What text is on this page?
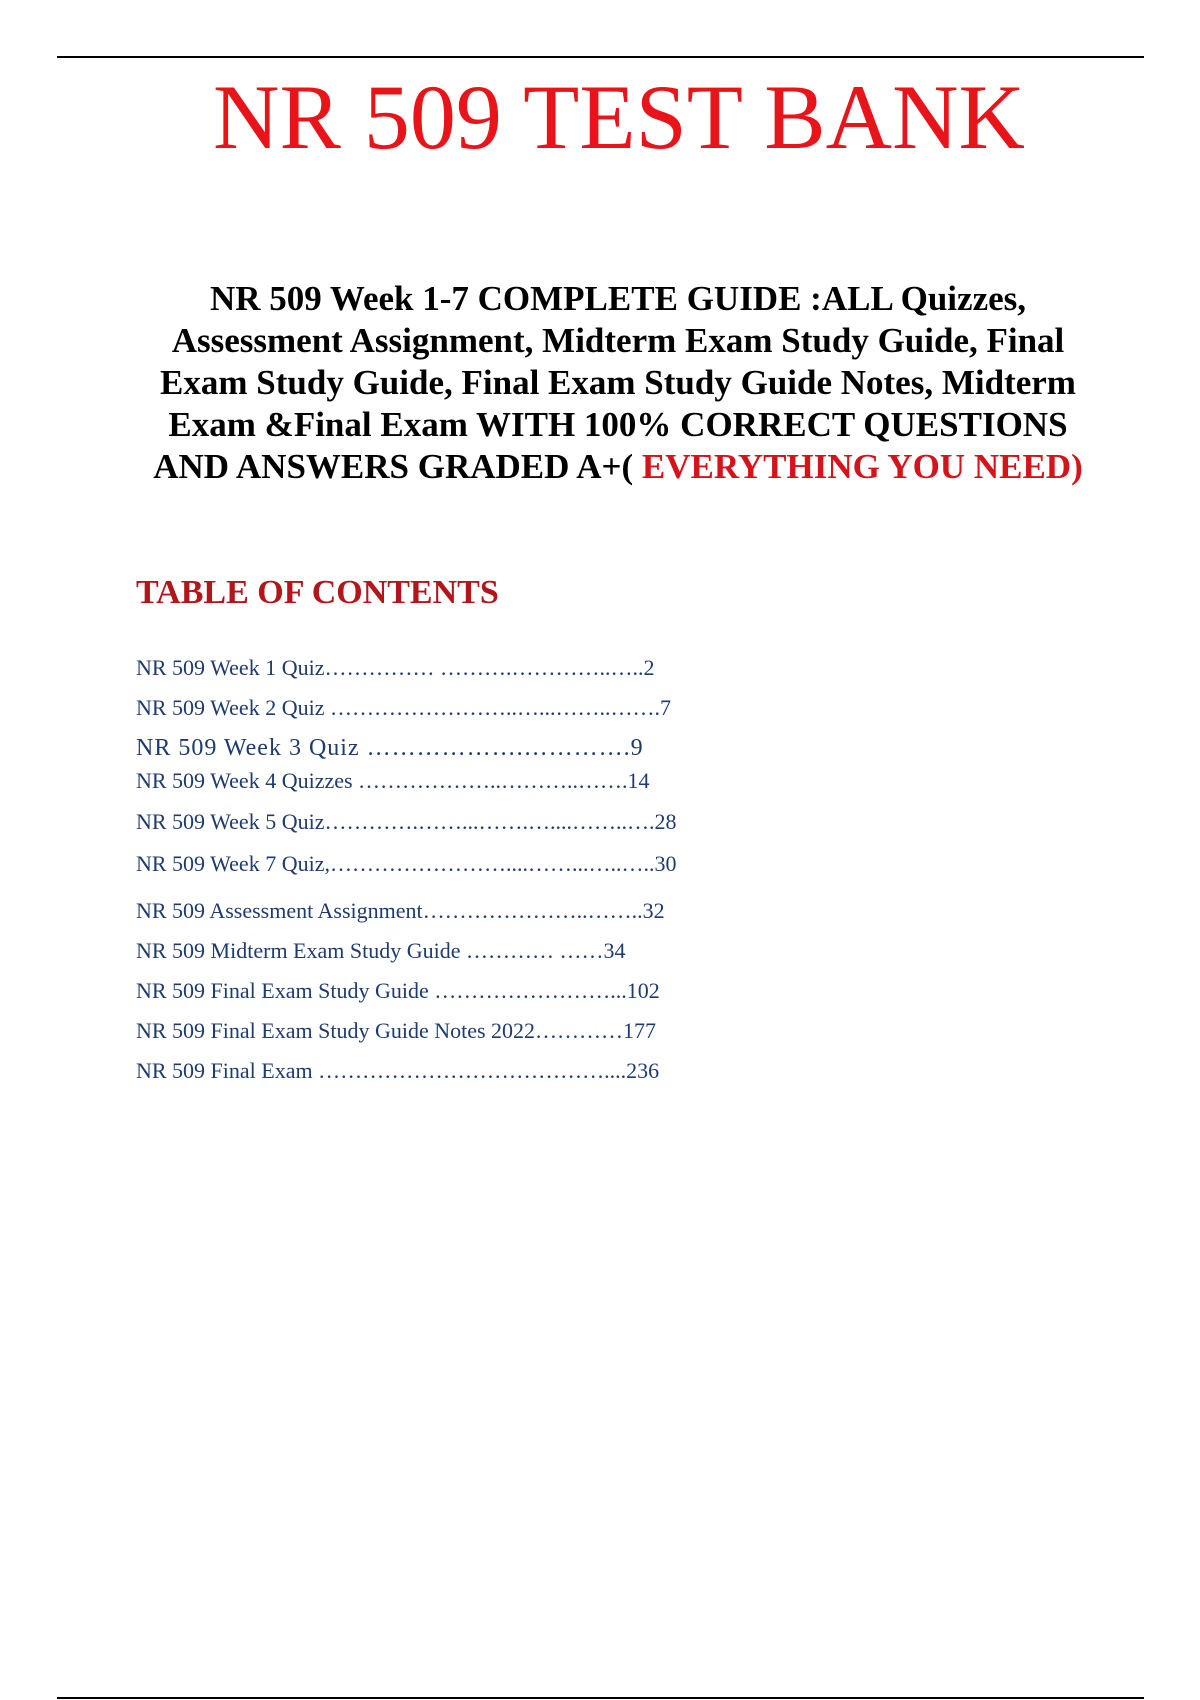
NR 509 TEST BANK
NR 509 Week 1-7 COMPLETE GUIDE :ALL Quizzes, Assessment Assignment, Midterm Exam Study Guide, Final Exam Study Guide, Final Exam Study Guide Notes, Midterm Exam &Final Exam WITH 100% CORRECT QUESTIONS AND ANSWERS GRADED A+( EVERYTHING YOU NEED)
TABLE OF CONTENTS
NR 509 Week 1 Quiz…………… ……….…………..…..2
NR 509 Week 2 Quiz ……………………..…...……..…….7
NR 509 Week 3 Quiz ……………….………….9
NR 509 Week 4 Quizzes ………………..………..…….14
NR 509 Week 5 Quiz………….……...…….…....……..….28
NR 509 Week 7 Quiz,……………………....……...…..…..30
NR 509 Assessment Assignment…………………..……..32
NR 509 Midterm Exam Study Guide ………… ……34
NR 509 Final Exam Study Guide ……………………...102
NR 509 Final Exam Study Guide Notes 2022…………177
NR 509 Final Exam …………………………………....236
